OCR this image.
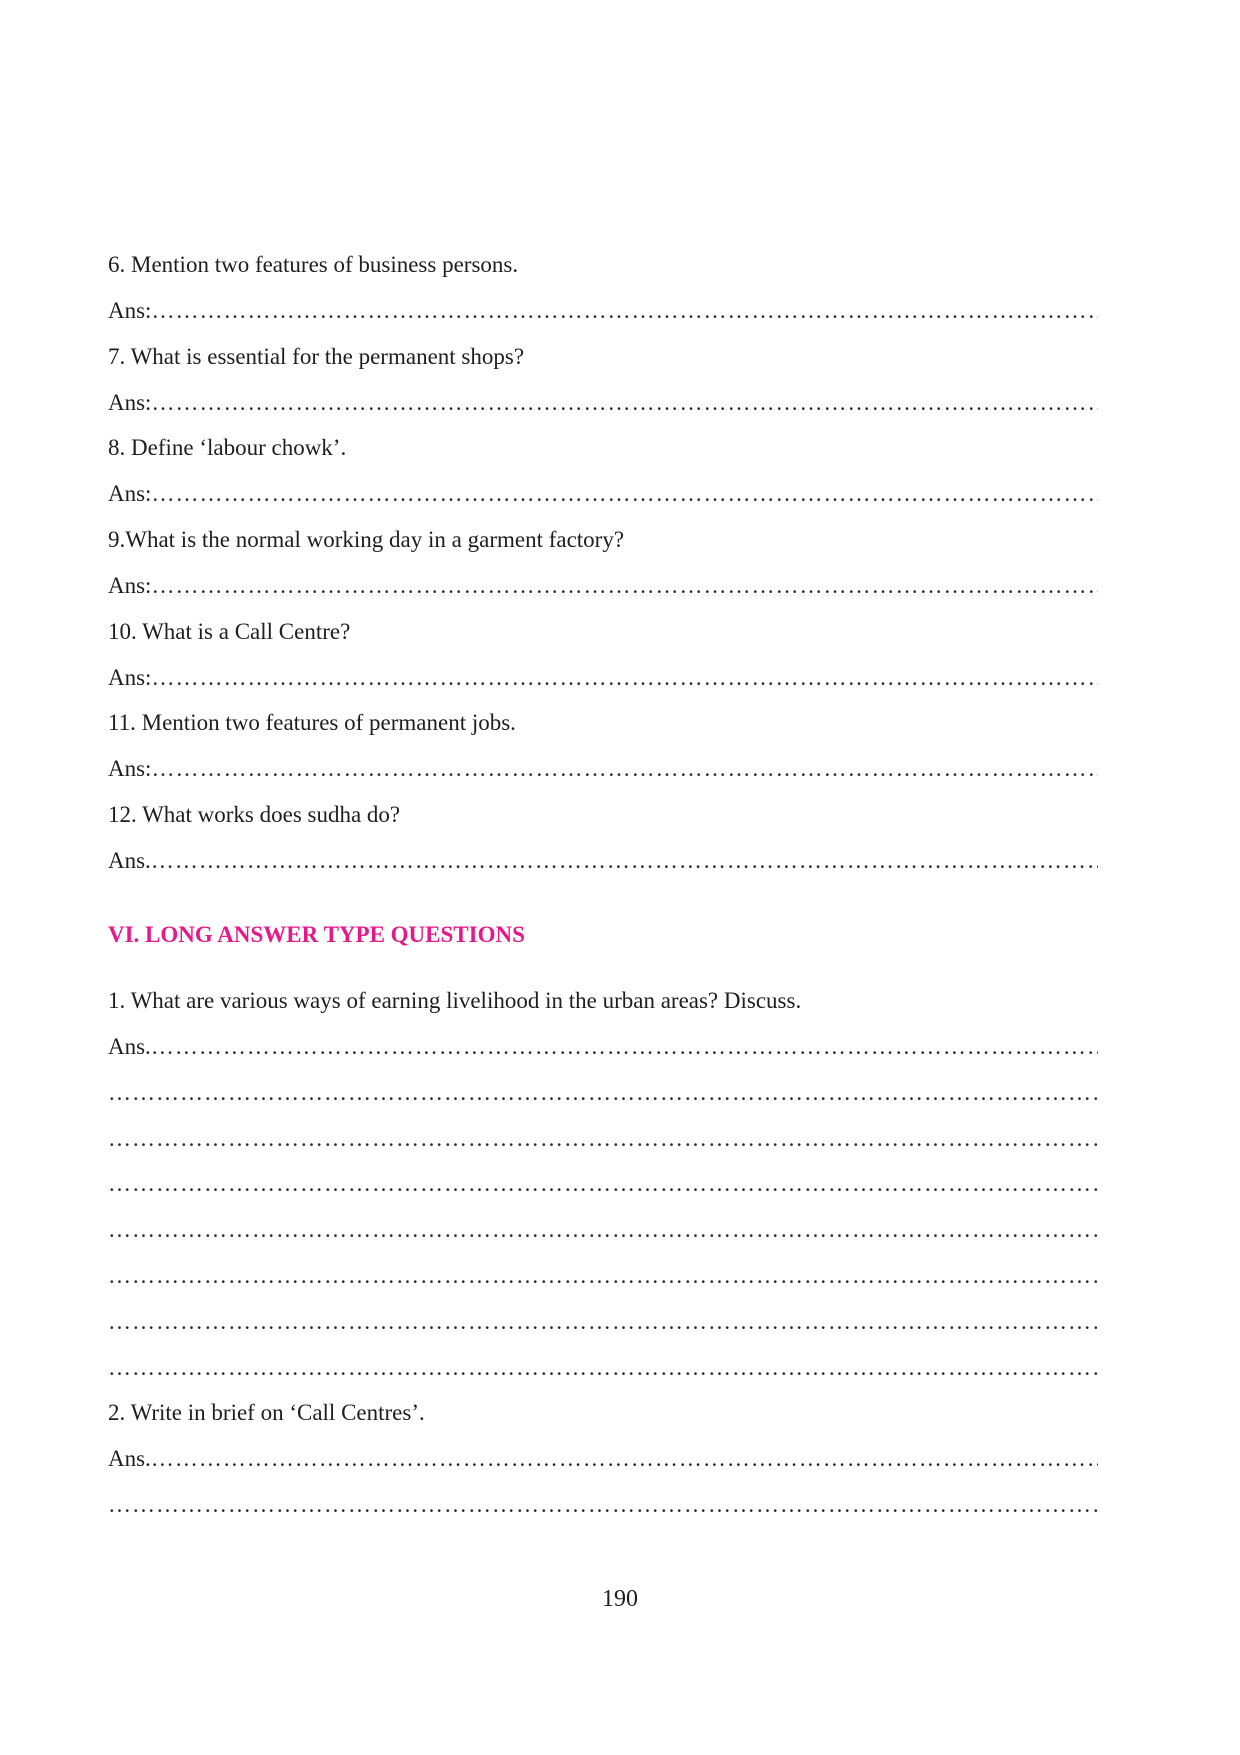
6. Mention two features of business persons.
Ans:
……………………………………………………………………………………………………………………………………………………………………………………………………………………………………………………
7. What is essential for the permanent shops?
Ans:
……………………………………………………………………………………………………………………………………………………………………………………………………………………………………………………
8. Define ‘labour chowk’.
Ans:
……………………………………………………………………………………………………………………………………………………………………………………………………………………………………………………
9.What is the normal working day in a garment factory?
Ans:
……………………………………………………………………………………………………………………………………………………………………………………………………………………………………………………
10. What is a Call Centre?
Ans:
……………………………………………………………………………………………………………………………………………………………………………………………………………………………………………………
11. Mention two features of permanent jobs.
Ans:
……………………………………………………………………………………………………………………………………………………………………………………………………………………………………………………
12. What works does sudha do?
Ans.
……………………………………………………………………………………………………………………………………………………………………………………………………………………………………………………
VI. LONG ANSWER TYPE QUESTIONS
1. What are various ways of earning livelihood in the urban areas? Discuss.
Ans.
……………………………………………………………………………………………………………………………………………………………………………………………………………………………………………………
……………………………………………………………………………………………………………………………………………………………………………………………………………………………………………………
……………………………………………………………………………………………………………………………………………………………………………………………………………………………………………………
……………………………………………………………………………………………………………………………………………………………………………………………………………………………………………………
……………………………………………………………………………………………………………………………………………………………………………………………………………………………………………………
……………………………………………………………………………………………………………………………………………………………………………………………………………………………………………………
……………………………………………………………………………………………………………………………………………………………………………………………………………………………………………………
……………………………………………………………………………………………………………………………………………………………………………………………………………………………………………………
2. Write in brief on ‘Call Centres’.
Ans.
……………………………………………………………………………………………………………………………………………………………………………………………………………………………………………………
……………………………………………………………………………………………………………………………………………………………………………………………………………………………………………………
190
